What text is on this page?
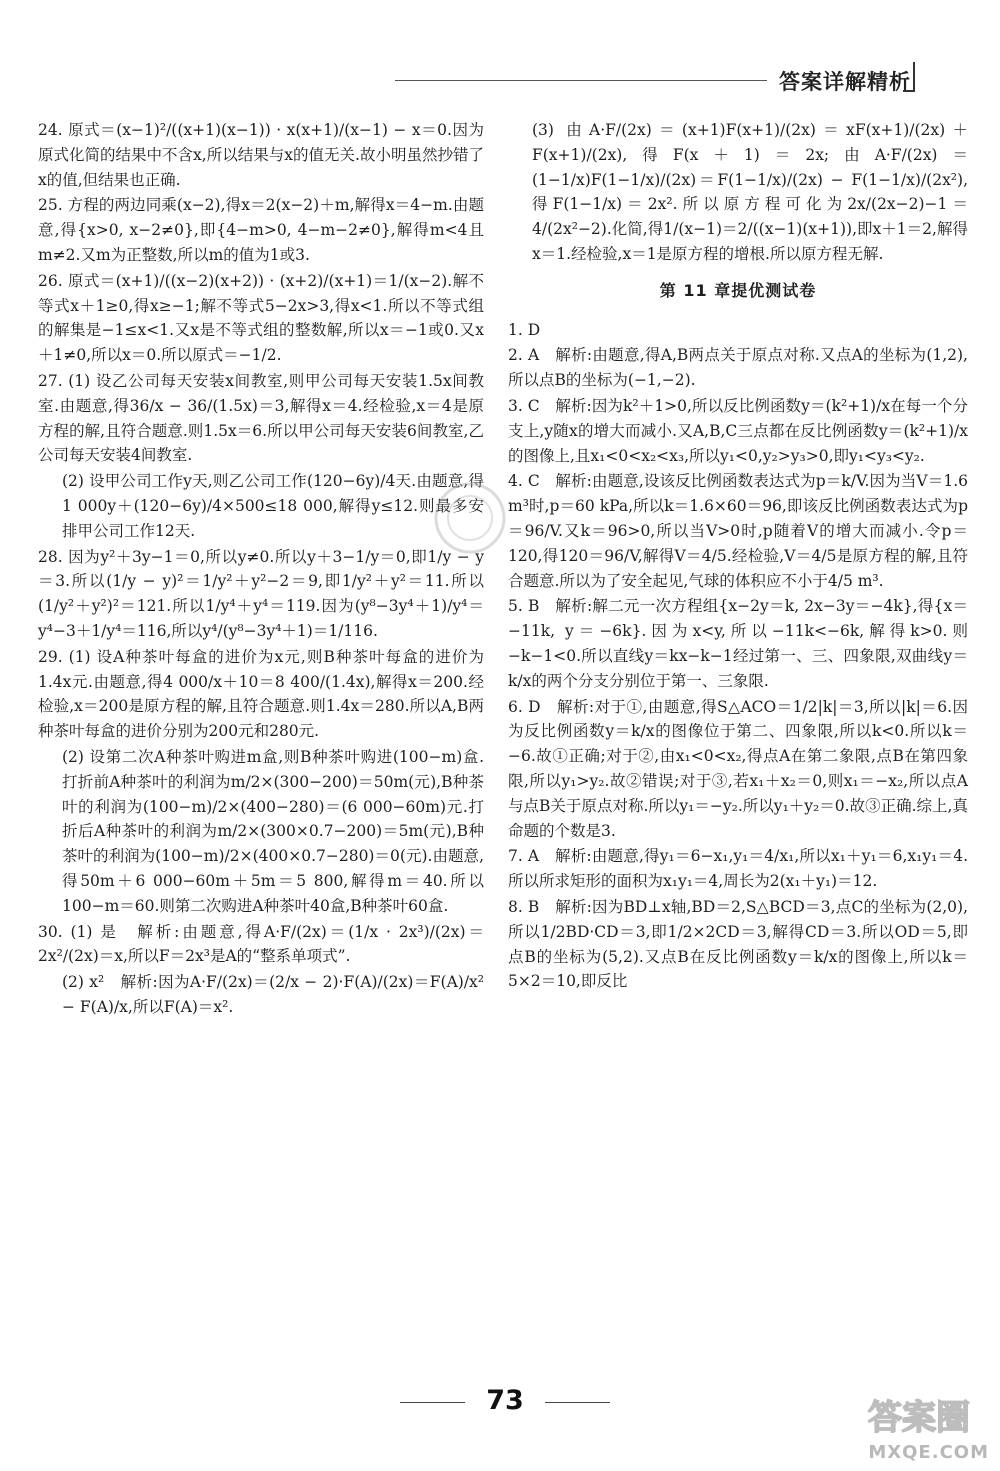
答案详解精析

24. 原式＝(x−1)²/((x+1)(x−1)) · x(x+1)/(x−1) − x＝0.因为原式化简的结果中不含x,所以结果与x的值无关.故小明虽然抄错了x的值,但结果也正确.

25. 方程的两边同乘(x−2),得x＝2(x−2)＋m,解得x＝4−m.由题意,得{x>0, x−2≠0},即{4−m>0, 4−m−2≠0},解得m<4且m≠2.又m为正整数,所以m的值为1或3.

26. 原式＝(x+1)/((x−2)(x+2)) · (x+2)/(x+1)＝1/(x−2).解不等式x＋1≥0,得x≥−1;解不等式5−2x>3,得x<1.所以不等式组的解集是−1≤x<1.又x是不等式组的整数解,所以x＝−1或0.又x＋1≠0,所以x＝0.所以原式＝−1/2.

27. (1) 设乙公司每天安装x间教室,则甲公司每天安装1.5x间教室.由题意,得36/x − 36/(1.5x)＝3,解得x＝4.经检验,x＝4是原方程的解,且符合题意.则1.5x＝6.所以甲公司每天安装6间教室,乙公司每天安装4间教室.

(2) 设甲公司工作y天,则乙公司工作(120−6y)/4天.由题意,得1 000y＋(120−6y)/4×500≤18 000,解得y≤12.则最多安排甲公司工作12天.

28. 因为y²＋3y−1＝0,所以y≠0.所以y＋3−1/y＝0,即1/y − y＝3.所以(1/y − y)²＝1/y²＋y²−2＝9,即1/y²＋y²＝11.所以(1/y²＋y²)²＝121.所以1/y⁴＋y⁴＝119.因为(y⁸−3y⁴＋1)/y⁴＝y⁴−3＋1/y⁴＝116,所以y⁴/(y⁸−3y⁴＋1)＝1/116.

29. (1) 设A种茶叶每盒的进价为x元,则B种茶叶每盒的进价为1.4x元.由题意,得4 000/x＋10＝8 400/(1.4x),解得x＝200.经检验,x＝200是原方程的解,且符合题意.则1.4x＝280.所以A,B两种茶叶每盒的进价分别为200元和280元.

(2) 设第二次A种茶叶购进m盒,则B种茶叶购进(100−m)盒.打折前A种茶叶的利润为m/2×(300−200)＝50m(元),B种茶叶的利润为(100−m)/2×(400−280)＝(6 000−60m)元.打折后A种茶叶的利润为m/2×(300×0.7−200)＝5m(元),B种茶叶的利润为(100−m)/2×(400×0.7−280)＝0(元).由题意,得50m＋6 000−60m＋5m＝5 800,解得m＝40.所以100−m＝60.则第二次购进A种茶叶40盒,B种茶叶60盒.

30. (1) 是　解析:由题意,得A·F/(2x)＝(1/x · 2x³)/(2x)＝2x²/(2x)＝x,所以F＝2x³是A的“整系单项式”.

(2) x²　解析:因为A·F/(2x)＝(2/x − 2)·F(A)/(2x)＝F(A)/x² − F(A)/x,所以F(A)＝x².

(3) 由A·F/(2x)＝(x+1)F(x+1)/(2x)＝xF(x+1)/(2x)＋F(x+1)/(2x),得F(x＋1)＝2x;由A·F/(2x)＝(1−1/x)F(1−1/x)/(2x)＝F(1−1/x)/(2x) − F(1−1/x)/(2x²),得F(1−1/x)＝2x².所以原方程可化为2x/(2x−2)−1＝4/(2x²−2).化简,得1/(x−1)＝2/((x−1)(x+1)),即x＋1＝2,解得x＝1.经检验,x＝1是原方程的增根.所以原方程无解.

第 11 章提优测试卷

1. D

2. A　解析:由题意,得A,B两点关于原点对称.又点A的坐标为(1,2),所以点B的坐标为(−1,−2).

3. C　解析:因为k²＋1>0,所以反比例函数y＝(k²+1)/x在每一个分支上,y随x的增大而减小.又A,B,C三点都在反比例函数y＝(k²+1)/x的图像上,且x₁<0<x₂<x₃,所以y₁<0,y₂>y₃>0,即y₁<y₃<y₂.

4. C　解析:由题意,设该反比例函数表达式为p＝k/V.因为当V＝1.6 m³时,p＝60 kPa,所以k＝1.6×60＝96,即该反比例函数表达式为p＝96/V.又k＝96>0,所以当V>0时,p随着V的增大而减小.令p＝120,得120＝96/V,解得V＝4/5.经检验,V＝4/5是原方程的解,且符合题意.所以为了安全起见,气球的体积应不小于4/5 m³.

5. B　解析:解二元一次方程组{x−2y＝k, 2x−3y＝−4k},得{x＝−11k, y＝−6k}.因为x<y,所以−11k<−6k,解得k>0.则−k−1<0.所以直线y＝kx−k−1经过第一、三、四象限,双曲线y＝k/x的两个分支分别位于第一、三象限.

6. D　解析:对于①,由题意,得S△ACO＝1/2|k|＝3,所以|k|＝6.因为反比例函数y＝k/x的图像位于第二、四象限,所以k<0.所以k＝−6.故①正确;对于②,由x₁<0<x₂,得点A在第二象限,点B在第四象限,所以y₁>y₂.故②错误;对于③,若x₁＋x₂＝0,则x₁＝−x₂,所以点A与点B关于原点对称.所以y₁＝−y₂.所以y₁＋y₂＝0.故③正确.综上,真命题的个数是3.

7. A　解析:由题意,得y₁＝6−x₁,y₁＝4/x₁,所以x₁＋y₁＝6,x₁y₁＝4.所以所求矩形的面积为x₁y₁＝4,周长为2(x₁＋y₁)＝12.

8. B　解析:因为BD⊥x轴,BD＝2,S△BCD＝3,点C的坐标为(2,0),所以1/2BD·CD＝3,即1/2×2CD＝3,解得CD＝3.所以OD＝5,即点B的坐标为(5,2).又点B在反比例函数y＝k/x的图像上,所以k＝5×2＝10,即反比

73	答案圈
MXQE.COM
